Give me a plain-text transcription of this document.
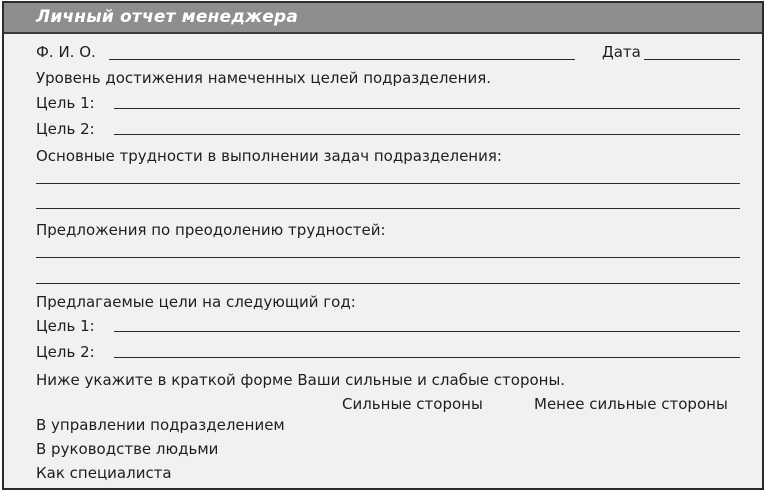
Личный отчет менеджера
Ф. И. О.	Дата
Уровень достижения намеченных целей подразделения.
Цель 1:
Цель 2:
Основные трудности в выполнении задач подразделения:
Предложения по преодолению трудностей:
Предлагаемые цели на следующий год:
Цель 1:
Цель 2:
Ниже укажите в краткой форме Ваши сильные и слабые стороны.
Сильные стороны	Менее сильные стороны
В управлении подразделением
В руководстве людьми
Как специалиста
